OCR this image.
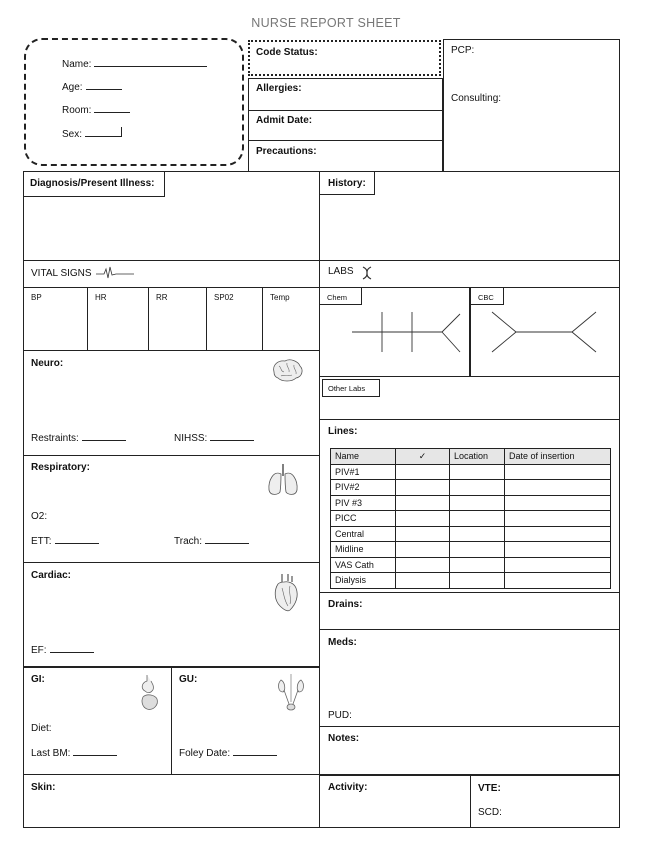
NURSE REPORT SHEET
Name:
Age:
Room:
Sex:
Code Status:
Allergies:
Admit Date:
Precautions:
PCP:
Consulting:
Diagnosis/Present Illness:	History:
VITAL SIGNS
BP	HR	RR	SP02	Temp
LABS
Chem	CBC
Other Labs
Neuro:
Restraints:	NIHSS:
Respiratory:
O2:
ETT:	Trach:
Cardiac:
EF:
GI:
Diet:
Last BM:
GU:
Foley Date:
Lines:
Name	✓	Location	Date of insertion
PIV#1			
PIV#2			
PIV #3			
PICC			
Central			
Midline			
VAS Cath			
Dialysis			
Drains:
Meds:
PUD:
Notes:
Skin:	Activity:	VTE:
SCD:
